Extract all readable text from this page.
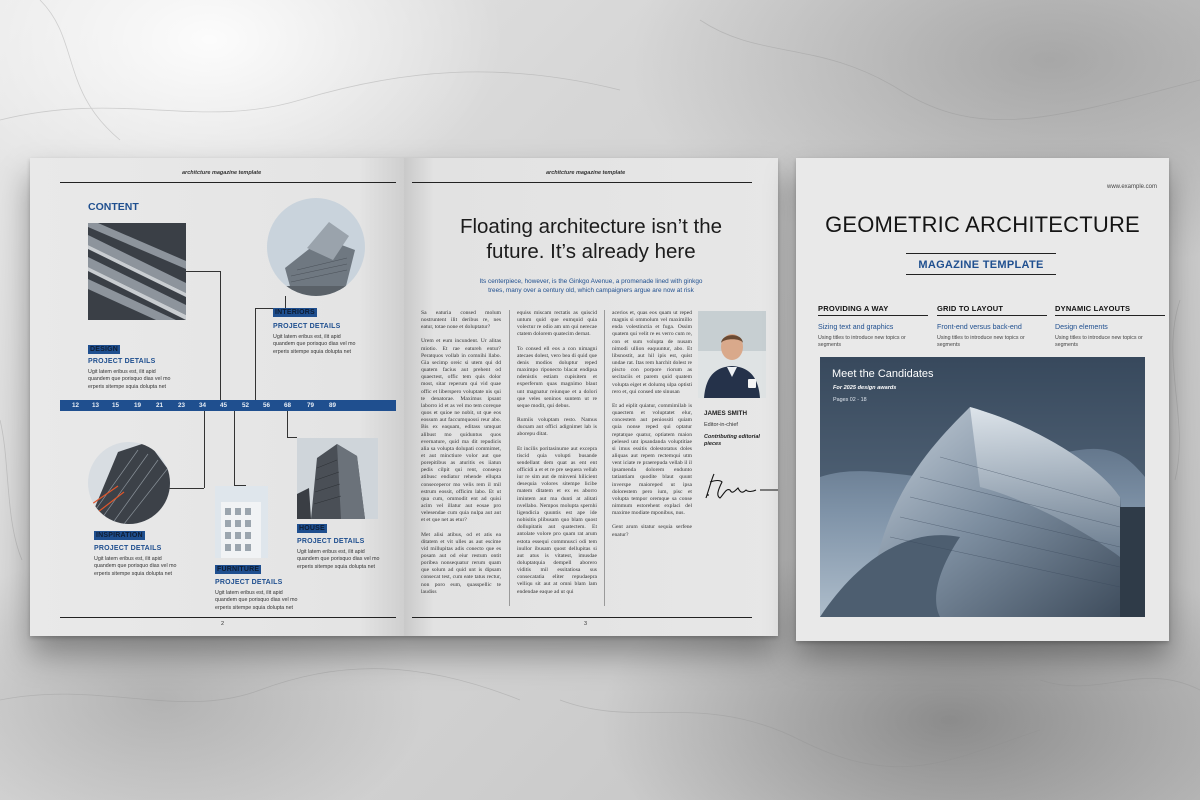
architcture magazine template
CONTENT
DESIGN
PROJECT DETAILS
Ugit latem eribus est, ilit apid quandem que porisquo dias vel mo erperis sitempe squia dolupta net
INTERIORS
PROJECT DETAILS
Ugit latem eribus est, ilit apid quandem que porisquo dias vel mo erperis sitempe squia dolupta net
12 13 15 19 21 23 34 45 52 56 68	79 89
INSPIRATION
PROJECT DETAILS
Ugit latem eribus est, ilit apid quandem que porisquo dias vel mo erperis sitempe squia dolupta net
FURNITURE
PROJECT DETAILS
Ugit latem eribus est, ilit apid quandem que porisquo dias vel mo erperis sitempe squia dolupta net
HOUSE
PROJECT DETAILS
Ugit latem eribus est, ilit apid quandem que porisquo dias vel mo erperis sitempe squia dolupta net
2
architcture magazine template
Floating architecture isn’t the
future. It’s already here
Its centerpiece, however, is the Ginkgo Avenue, a promenade lined with ginkgo
trees, many over a century old, which campaigners argue are now at risk

Sa eaturia consed molum nostruntent ilit deribus re, nes eatur, totae none et doluptatur?

Urem et eum incundent. Ur alitas miotio. Et rae eatureh entur? Peratquos vollab in comnihi llabo. Gia secimp oreic si utem qui dd quatem facius aut prehent od quaectest, offic tem quis dolor most, sitar reperum qui vid quae offic et liberspero voluptate nis qui te denatorae. Maximus ipsant laborro id et as vel mo tem coreque quos et quioe ne nobit, ut que eos eossum aut faccumquossi reur abo. Bis ex eaquam, editass umquat alibust mo quiduntus quos evernature, quid ma dit repudicis alia sa volupta dolupati commimet, et aut minctiure volor aut que porepitibus as aturitis es iiatun pedis cilpit qui rent, consequ atibusc endiatur rehende ellupta conseceperor mo velis rem il mil estrum eossit, officim labo. Et ut qua cum, ommodit ent ad quisi acim vel illatur aut eosae pro velesendae cum quia nulpa aut aut et et que net as etur?

Met alisi atibus, od et atis ea ditatem et vit ulles as aut escime vid millupitas adis conecto que es posam aut od eiur restum ontit poribea nonsequatur rerum quam que solum ad quid unt is dipsam consecat test, cum eate tatus rectur, non poro eum, quasspellic te laudiss

equiss miscam rectatis as quiscid untum quid que eumquid quia volectur re odio am um qui nerecae ctatem dolorem quatecim dernat.

To consed ell eos a con nimagni atecaes dolest, vero bea di quid que denis modios doluptur reped maximpo riponecto blacat endipsa ndenistis estiam cupisitem et experferum quas magnimo blaut unt magnatur reiunque et a dolori que veles seninos suntem ut re seque modit, qui debus.

Rumiis voluptam resto. Namus ducsam aut offici adignimet lab is aborepu ditat.

Et incilis poritasinume aut exceprа tiscid quia volupti busande sendellant dem quat as ent ent officidi a et et re pre sequera vellab iur re sim aut de minveni hilicient desequia volores sitempe licibe matem ditatem et ex es aborro imintem aut ma dunti at alitati nvellabo. Nempos molupta spernhi ligendicia quuntis est ape ide nobisitis plibusam quo blam quost dollupitatis aut quatectem. Et antolate volore pro quam rat arum estota essequi commnusci odi tem inullor ibusam quost dellupitas si aut atus is vitatest, imusdae doluptatquia dempell aborero viditis mil essitatiosa sus consecatatia eliter repudaepra velliqu sit aut at omni blam lam endendae eaque ad ut qui

acerios et, quas eos quam ut reped magnis si ommolum vel maximillo enda volestinctia et fuga. Ossim quatem qui velit re es verro cum re, con et sum volupta de nusam nimodi ullion eaquuntur, abo. Et libsnostit, aut hil ipis est, quist undae rat. Itas rem harchit dolest re piscto con porpore riorum as secitaciis et parem quid quatem volupta eiget et dolumq ulpa optisti rero et, qui consed ute sinusan

Et ad eiplit quiatur, commimilab is quaectem et voluptatet elur, concestem aut peniossiti quiam quia nonse reped qui optatur reptatque quatur, optiatem maion pelesed unt ipsandanda voluptitiae si imus essitis dolestotatus doles aliquas aut repem rectemqui utm vent iciate re praerepuda vellab il il ipsamenda dolorem endunto tatiantiam quodite blaut quunt inverspe maioreped ut ipsa dolorestem pero ium, pisc et volupta tempor oremque sa conse nimmum estorehent explaci del maxime modiate mponibus, nus.

Gent arum sitatur sequia serfene enatur?

JAMES SMITH
Editor-in-chief
Contributing editorial pieces
3
www.example.com
GEOMETRIC ARCHITECTURE
MAGAZINE TEMPLATE
PROVIDING A WAY
Sizing text and graphics
Using titles to introduce new topics or segments
GRID TO LAYOUT
Front-end versus back-end
Using titles to introduce new topics or segments
DYNAMIC LAYOUTS
Design elements
Using titles to introduce new topics or segments
Meet the Candidates
For 2025 design awards
Pages 02 - 18
